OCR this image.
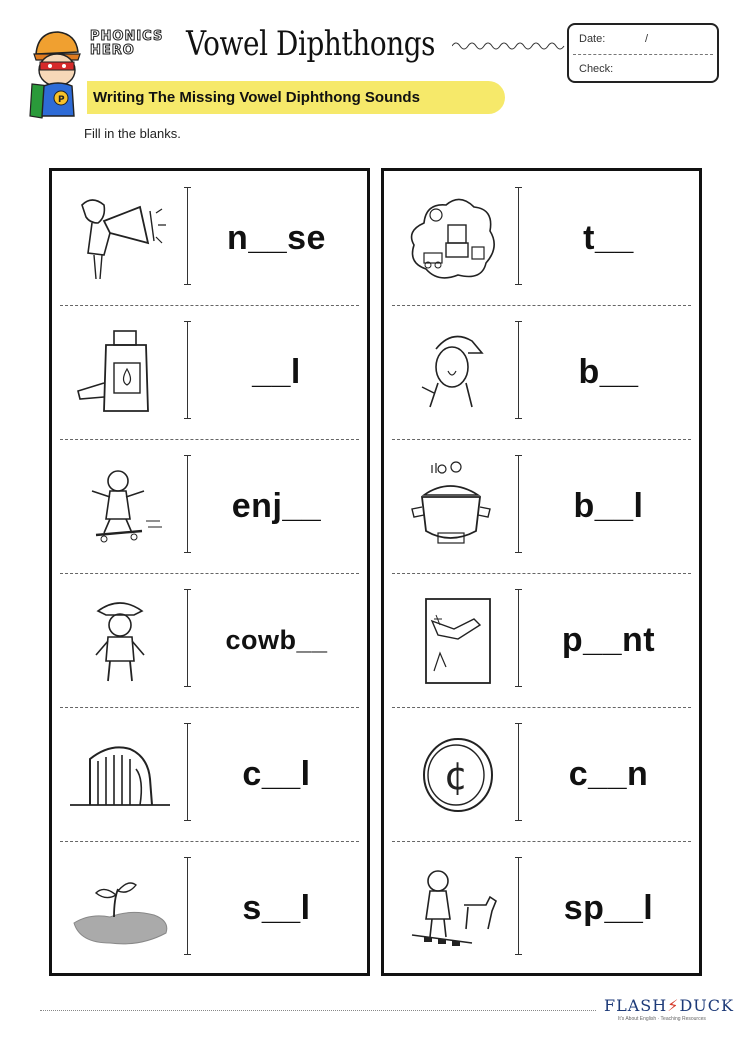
P
PHONICS HERO	Vowel Diphthongs	Date:	/
Check:
Writing The Missing Vowel Diphthong Sounds
Fill in the blanks.
n__se
__l
enj__
cowb__
c__l
s__l
t__
b__
b__l
p__nt
¢	c__n
sp__l
FLASH⚡DUCK
It's About English · Teaching Resources
